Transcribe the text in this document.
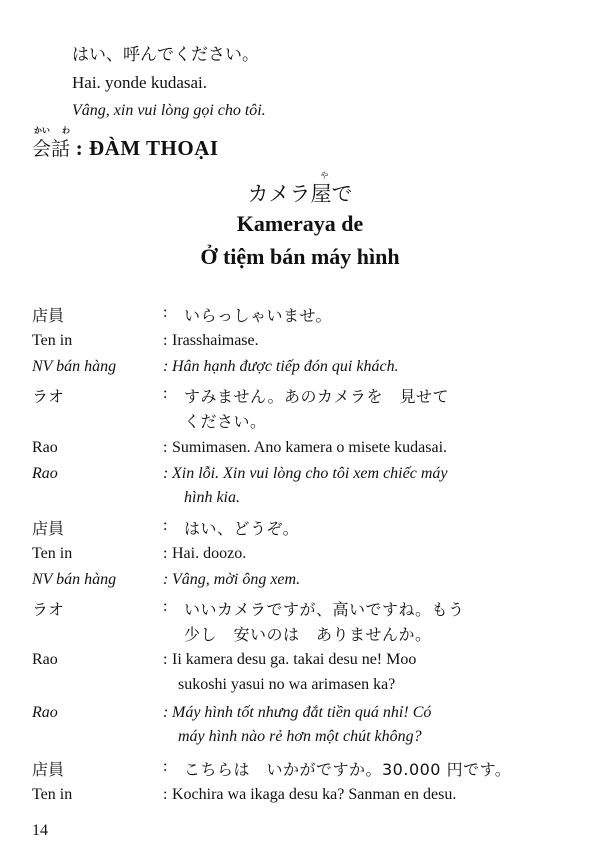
はい、呼んでください。
Hai. yonde kudasai.
Vâng, xin vui lòng gọi cho tôi.
かい わ
会話 : ĐÀM THOẠI
カメラ屋で
や
Kameraya de
Ở tiệm bán máy hình
店員	: いらっしゃいませ。
Ten in	: Irasshaimase.
NV bán hàng	: Hân hạnh được tiếp đón qui khách.
ラオ	: すみません。あのカメラを　見せて
ください。
Rao	: Sumimasen. Ano kamera o misete kudasai.
Rao	: Xin lỗi. Xin vui lòng cho tôi xem chiếc máy
hình kia.
店員	: はい、どうぞ。
Ten in	: Hai. doozo.
NV bán hàng	: Vâng, mời ông xem.
ラオ	: いいカメラですが、高いですね。もう
少し　安いのは　ありませんか。
Rao	: Ii kamera desu ga. takai desu ne! Moo
sukoshi yasui no wa arimasen ka?
Rao	: Máy hình tốt nhưng đắt tiền quá nhỉ! Có
máy hình nào rẻ hơn một chút không?
店員	: こちらは　いかがですか。30.000 円です。
Ten in	: Kochira wa ikaga desu ka? Sanman en desu.
14
